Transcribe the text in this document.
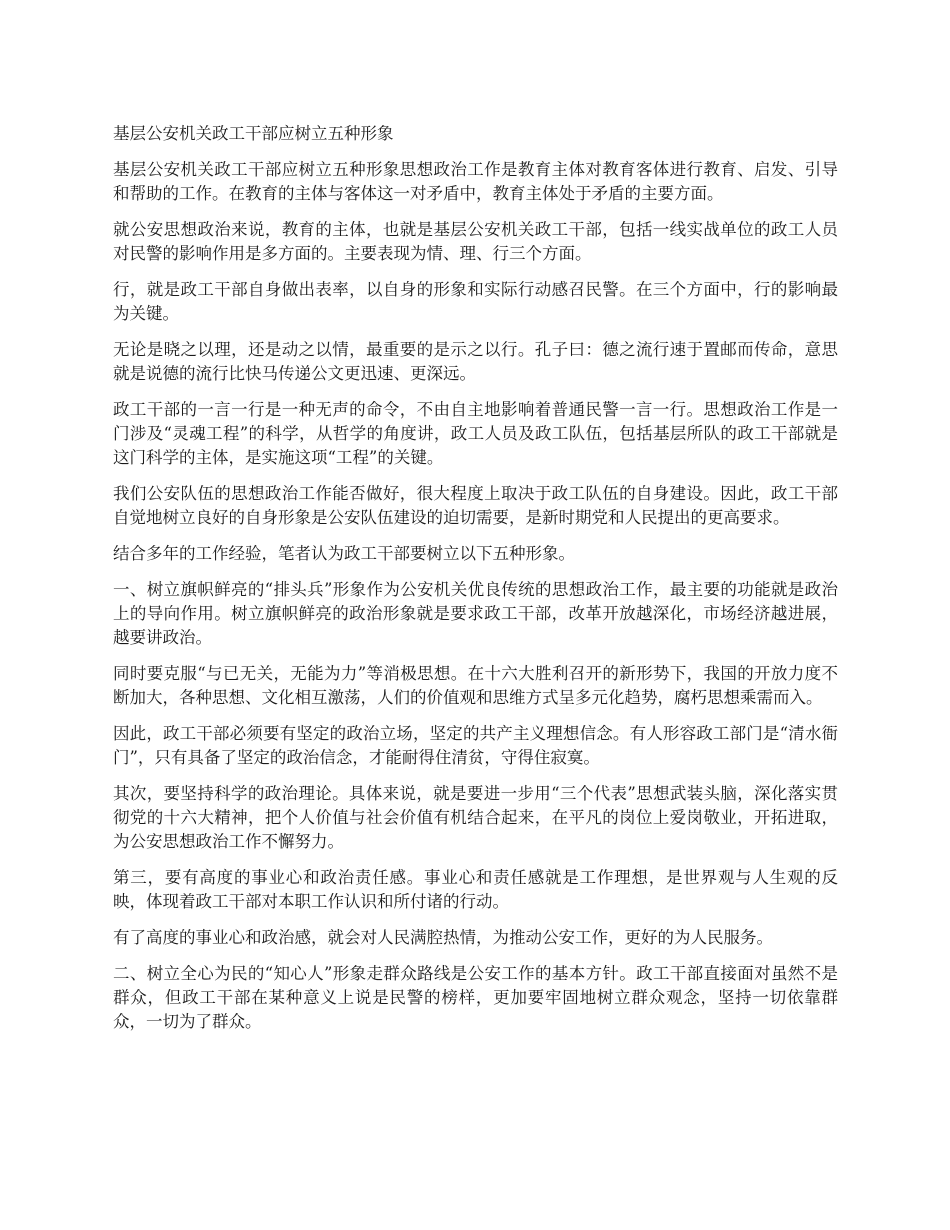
基层公安机关政工干部应树立五种形象

基层公安机关政工干部应树立五种形象思想政治工作是教育主体对教育客体进行教育、启发、引导和帮助的工作。在教育的主体与客体这一对矛盾中，教育主体处于矛盾的主要方面。

就公安思想政治来说，教育的主体，也就是基层公安机关政工干部，包括一线实战单位的政工人员对民警的影响作用是多方面的。主要表现为情、理、行三个方面。

行，就是政工干部自身做出表率，以自身的形象和实际行动感召民警。在三个方面中，行的影响最为关键。

无论是晓之以理，还是动之以情，最重要的是示之以行。孔子曰：德之流行速于置邮而传命，意思就是说德的流行比快马传递公文更迅速、更深远。

政工干部的一言一行是一种无声的命令，不由自主地影响着普通民警一言一行。思想政治工作是一门涉及“灵魂工程”的科学，从哲学的角度讲，政工人员及政工队伍，包括基层所队的政工干部就是这门科学的主体，是实施这项“工程”的关键。

我们公安队伍的思想政治工作能否做好，很大程度上取决于政工队伍的自身建设。因此，政工干部自觉地树立良好的自身形象是公安队伍建设的迫切需要，是新时期党和人民提出的更高要求。

结合多年的工作经验，笔者认为政工干部要树立以下五种形象。

一、树立旗帜鲜亮的“排头兵”形象作为公安机关优良传统的思想政治工作，最主要的功能就是政治上的导向作用。树立旗帜鲜亮的政治形象就是要求政工干部，改革开放越深化，市场经济越进展，越要讲政治。

同时要克服“与已无关，无能为力”等消极思想。在十六大胜利召开的新形势下，我国的开放力度不断加大，各种思想、文化相互激荡，人们的价值观和思维方式呈多元化趋势，腐朽思想乘需而入。

因此，政工干部必须要有坚定的政治立场，坚定的共产主义理想信念。有人形容政工部门是“清水衙门”，只有具备了坚定的政治信念，才能耐得住清贫，守得住寂寞。

其次，要坚持科学的政治理论。具体来说，就是要进一步用“三个代表”思想武装头脑，深化落实贯彻党的十六大精神，把个人价值与社会价值有机结合起来，在平凡的岗位上爱岗敬业，开拓进取，为公安思想政治工作不懈努力。

第三，要有高度的事业心和政治责任感。事业心和责任感就是工作理想，是世界观与人生观的反映，体现着政工干部对本职工作认识和所付诸的行动。

有了高度的事业心和政治感，就会对人民满腔热情，为推动公安工作，更好的为人民服务。

二、树立全心为民的“知心人”形象走群众路线是公安工作的基本方针。政工干部直接面对虽然不是群众，但政工干部在某种意义上说是民警的榜样，更加要牢固地树立群众观念，坚持一切依靠群众，一切为了群众。
